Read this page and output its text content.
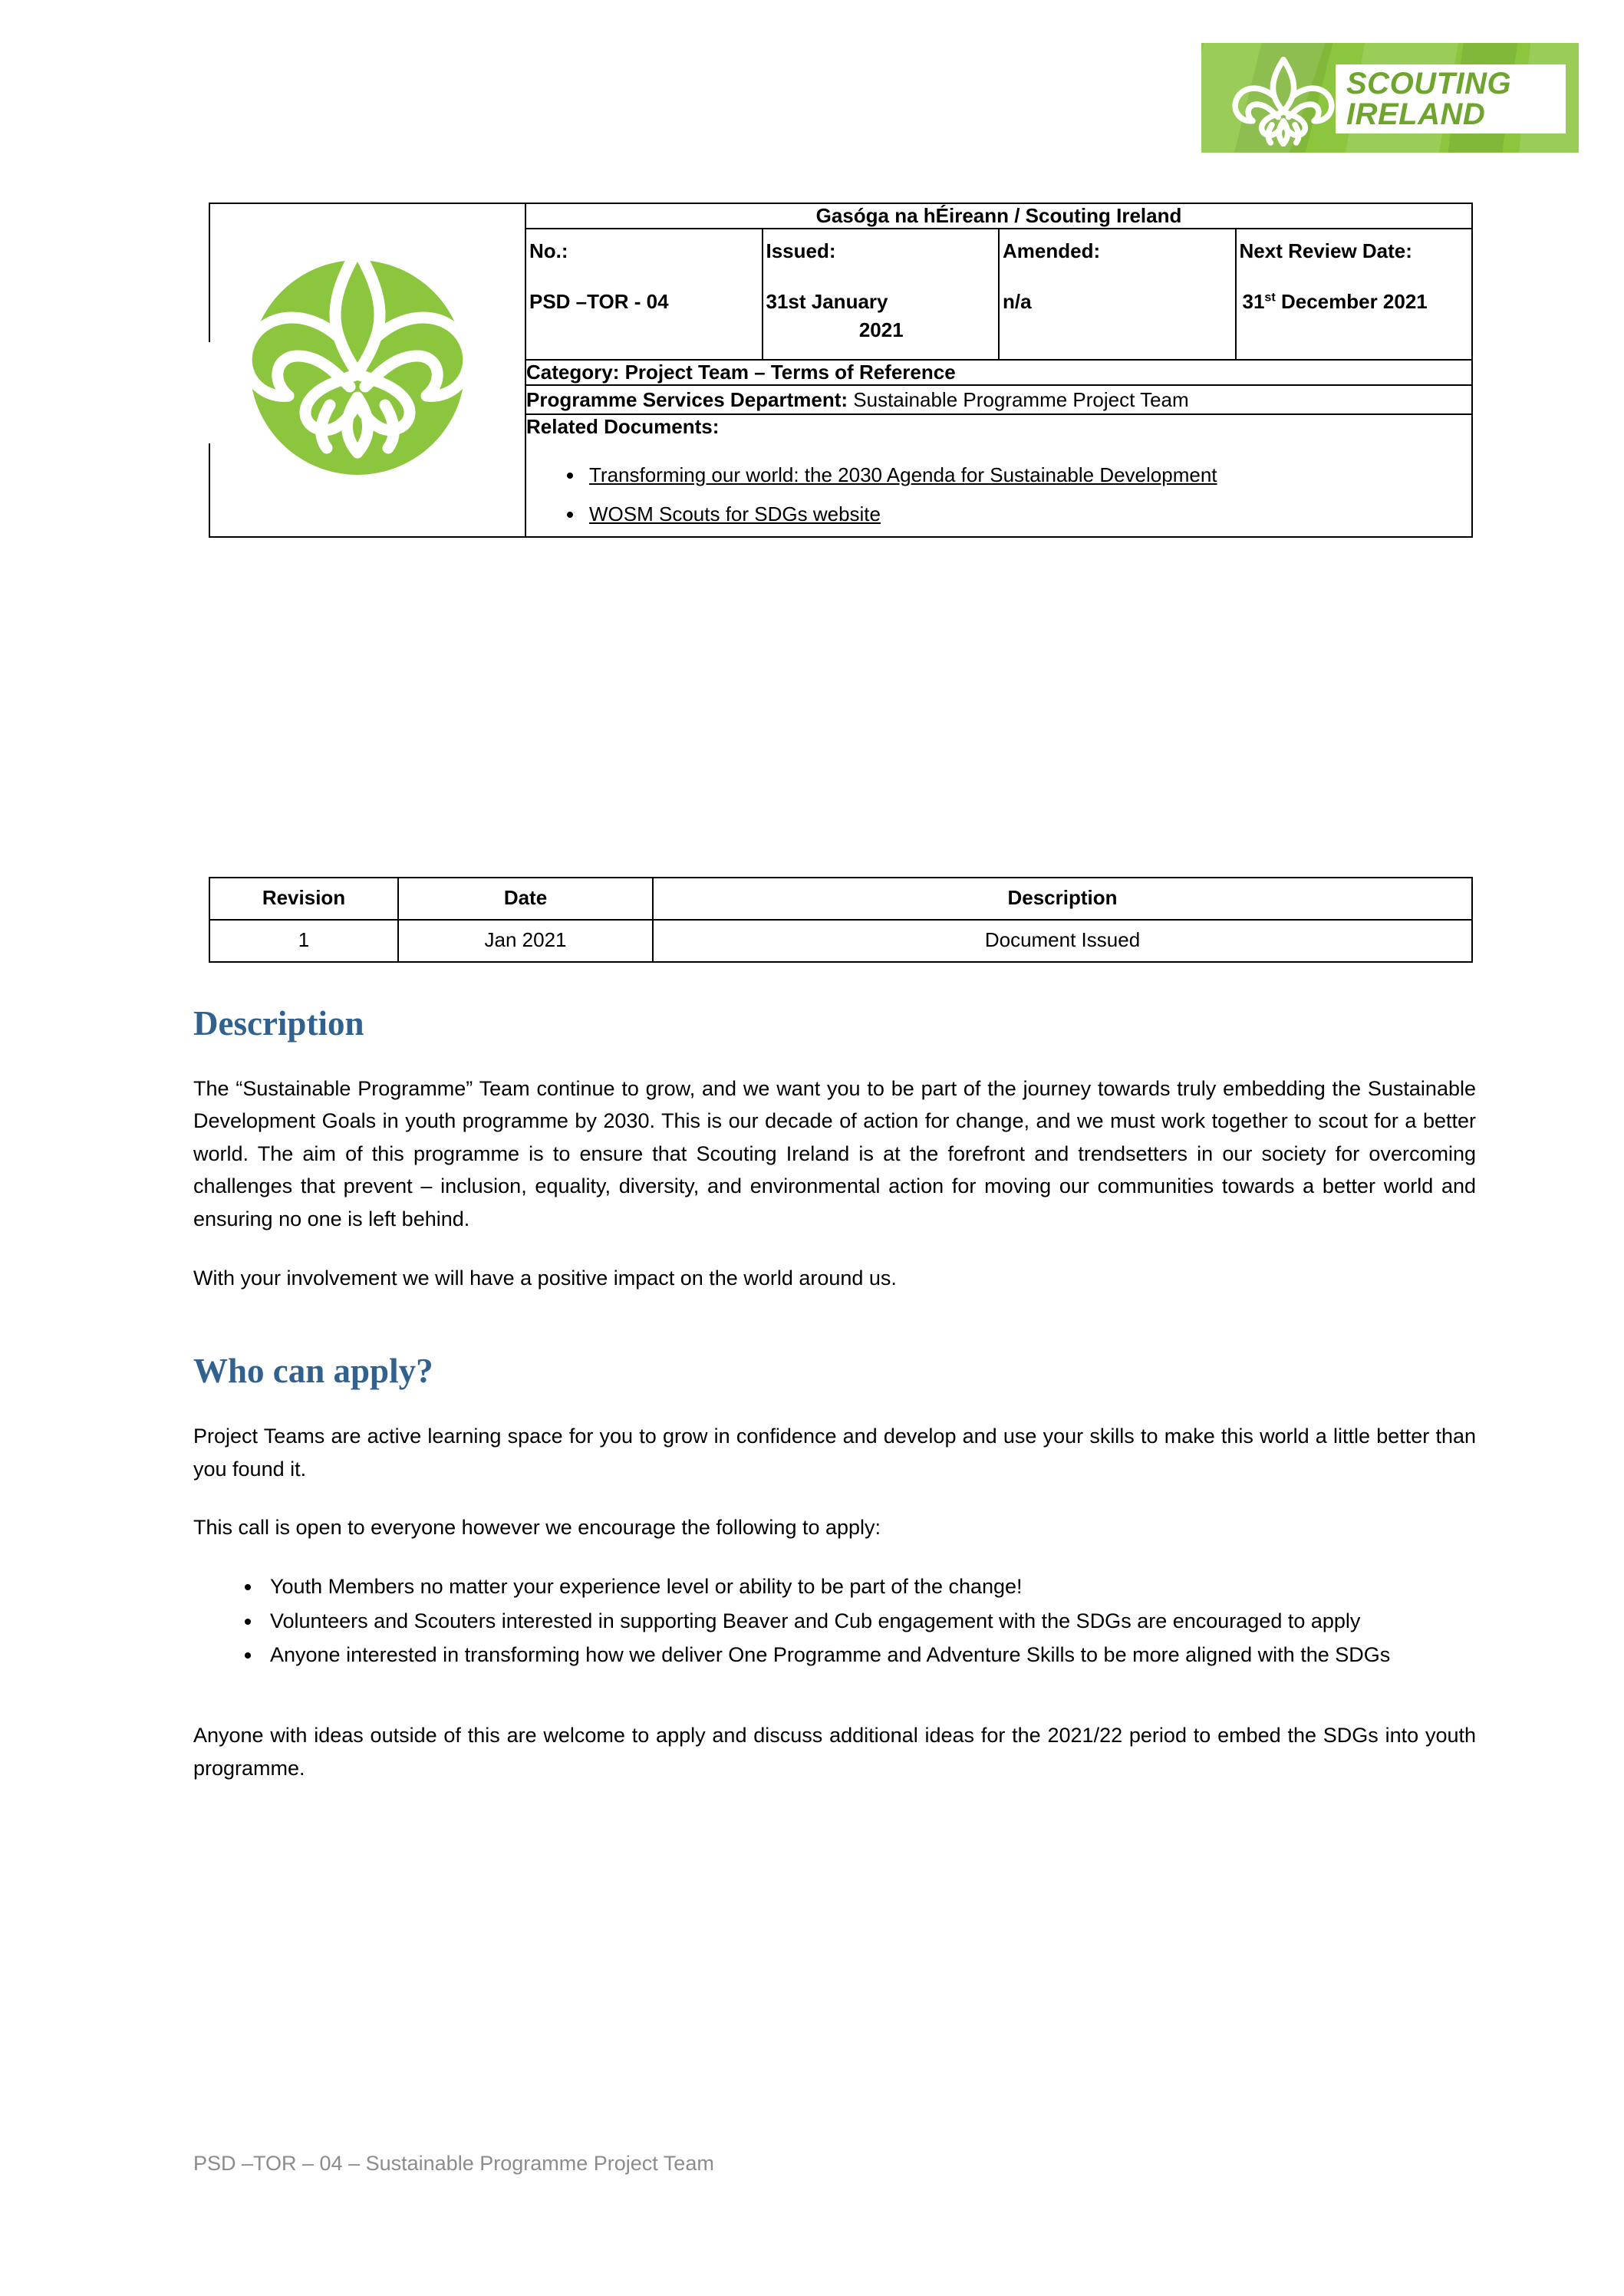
SCOUTING
IRELAND
	Gasóga na hÉireann / Scouting Ireland			

No.:
PSD –TOR - 04

Issued:
31st January
2021

Amended:
n/a

Next Review Date:
31st December 2021

	Category: Project Team – Terms of Reference			
	Programme Services Department: Sustainable Programme Project Team			

Related Documents:
• Transforming our world: the 2030 Agenda for Sustainable Development
• WOSM Scouts for SDGs website
Revision	Date	Description
1	Jan 2021	Document Issued
Description

The “Sustainable Programme” Team continue to grow, and we want you to be part of the journey towards truly embedding the Sustainable Development Goals in youth programme by 2030. This is our decade of action for change, and we must work together to scout for a better world. The aim of this programme is to ensure that Scouting Ireland is at the forefront and trendsetters in our society for overcoming challenges that prevent – inclusion, equality, diversity, and environmental action for moving our communities towards a better world and ensuring no one is left behind.

With your involvement we will have a positive impact on the world around us.

Who can apply?

Project Teams are active learning space for you to grow in confidence and develop and use your skills to make this world a little better than you found it.

This call is open to everyone however we encourage the following to apply:

• Youth Members no matter your experience level or ability to be part of the change!
• Volunteers and Scouters interested in supporting Beaver and Cub engagement with the SDGs are encouraged to apply
• Anyone interested in transforming how we deliver One Programme and Adventure Skills to be more aligned with the SDGs

Anyone with ideas outside of this are welcome to apply and discuss additional ideas for the 2021/22 period to embed the SDGs into youth programme.

PSD –TOR – 04 – Sustainable Programme Project Team
